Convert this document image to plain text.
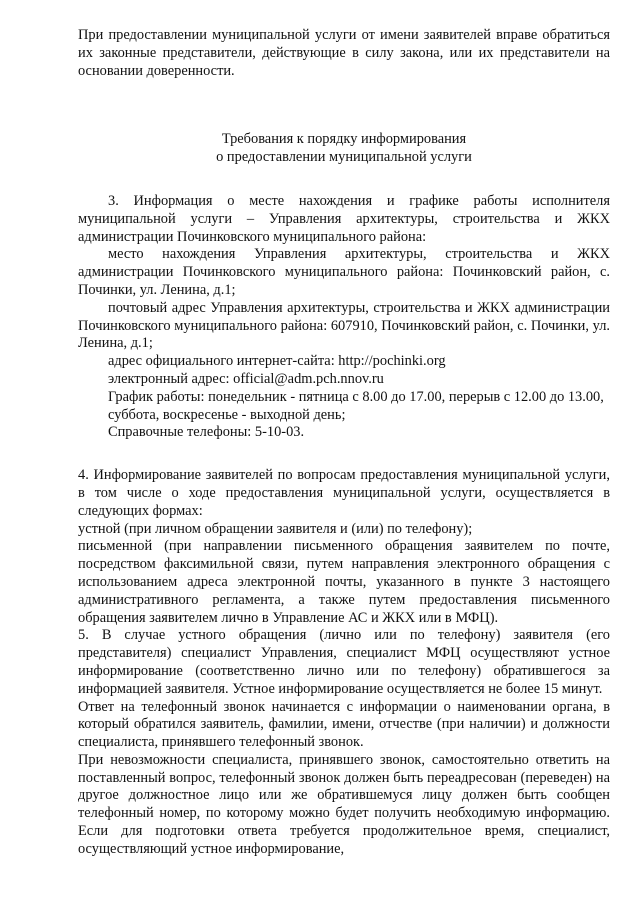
При предоставлении муниципальной услуги от имени заявителей вправе обратиться их законные представители, действующие в силу закона, или их представители на основании доверенности.

Требования к порядку информирования

о предоставлении муниципальной услуги

3. Информация о месте нахождения и графике работы исполнителя муниципальной услуги – Управления архитектуры, строительства и ЖКХ администрации Починковского муниципального района:

место нахождения Управления архитектуры, строительства и ЖКХ администрации Починковского муниципального района: Починковский район, с. Починки, ул. Ленина, д.1;

почтовый адрес Управления архитектуры, строительства и ЖКХ администрации Починковского муниципального района: 607910, Починковский район, с. Починки, ул. Ленина, д.1;

адрес официального интернет-сайта: http://pochinki.org

электронный адрес: official@adm.pch.nnov.ru

График работы: понедельник - пятница с 8.00 до 17.00, перерыв с 12.00 до 13.00,

суббота, воскресенье - выходной день;

Справочные телефоны: 5-10-03.

4. Информирование заявителей по вопросам предоставления муниципальной услуги, в том числе о ходе предоставления муниципальной услуги, осуществляется в следующих формах:

устной (при личном обращении заявителя и (или) по телефону);

письменной (при направлении письменного обращения заявителем по почте, посредством факсимильной связи, путем направления электронного обращения с использованием адреса электронной почты, указанного в пункте 3 настоящего административного регламента, а также путем предоставления письменного обращения заявителем лично в Управление АС и ЖКХ или в МФЦ).

5. В случае устного обращения (лично или по телефону) заявителя (его представителя) специалист Управления, специалист МФЦ осуществляют устное информирование (соответственно лично или по телефону) обратившегося за информацией заявителя. Устное информирование осуществляется не более 15 минут.

Ответ на телефонный звонок начинается с информации о наименовании органа, в который обратился заявитель, фамилии, имени, отчестве (при наличии) и должности специалиста, принявшего телефонный звонок.

При невозможности специалиста, принявшего звонок, самостоятельно ответить на поставленный вопрос, телефонный звонок должен быть переадресован (переведен) на другое должностное лицо или же обратившемуся лицу должен быть сообщен телефонный номер, по которому можно будет получить необходимую информацию. Если для подготовки ответа требуется продолжительное время, специалист, осуществляющий устное информирование,
